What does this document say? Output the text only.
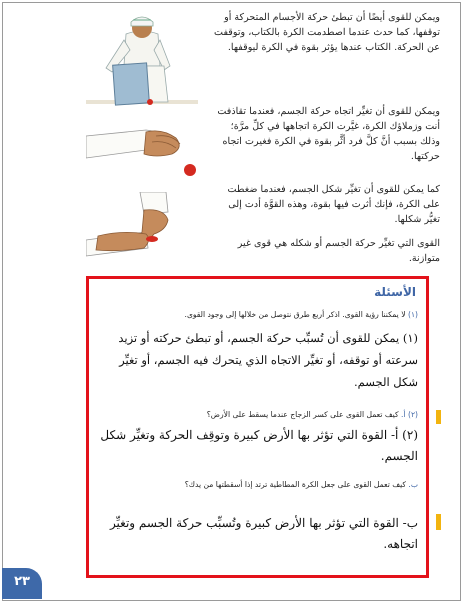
ويمكن للقوى أيضًا أن تبطئ حركة الأجسام المتحركة أو توقفها، كما حدث عندما اصطدمت الكرة بالكتاب، وتوقفت عن الحركة. الكتاب عندها يؤثر بقوة في الكرة ليوقفها.

ويمكن للقوى أن تغيِّر اتجاه حركة الجسم، فعندما تقاذفت أنت وزملاؤك الكرة، غيَّرت الكرة اتجاهها في كلِّ مرَّة؛ وذلك بسبب أنَّ كلَّ فرد أثَّر بقوة في الكرة فغيرت اتجاه حركتها.

كما يمكن للقوى أن تغيِّر شكل الجسم، فعندما ضغطت على الكرة، فإنك أثرت فيها بقوة، وهذه القوَّة أدت إلى تغيُّر شكلها.

القوى التي تغيِّر حركة الجسم أو شكله هي قوى غير متوازنة.

الأسئلة
(١) لا يمكننا رؤية القوى. اذكر أربع طرق نتوصل من خلالها إلى وجود القوى.

(١) يمكن للقوى أن تُسبِّب حركة الجسم، أو تبطئ حركته أو تزيد سرعته أو توقفه، أو تغيِّر الاتجاه الذي يتحرك فيه الجسم، أو تغيِّر شكل الجسم.

(٢) أ. كيف تعمل القوى على كسر الزجاج عندما يسقط على الأرض؟

(٢) أ- القوة التي تؤثر بها الأرض كبيرة وتوقِف الحركة وتغيِّر شكل الجسم.

ب. كيف تعمل القوى على جعل الكرة المطاطية ترتد إذا أسقطتها من يدك؟

ب- القوة التي تؤثر بها الأرض كبيرة وتُسبِّب حركة الجسم وتغيِّر اتجاهه.

٢٣
